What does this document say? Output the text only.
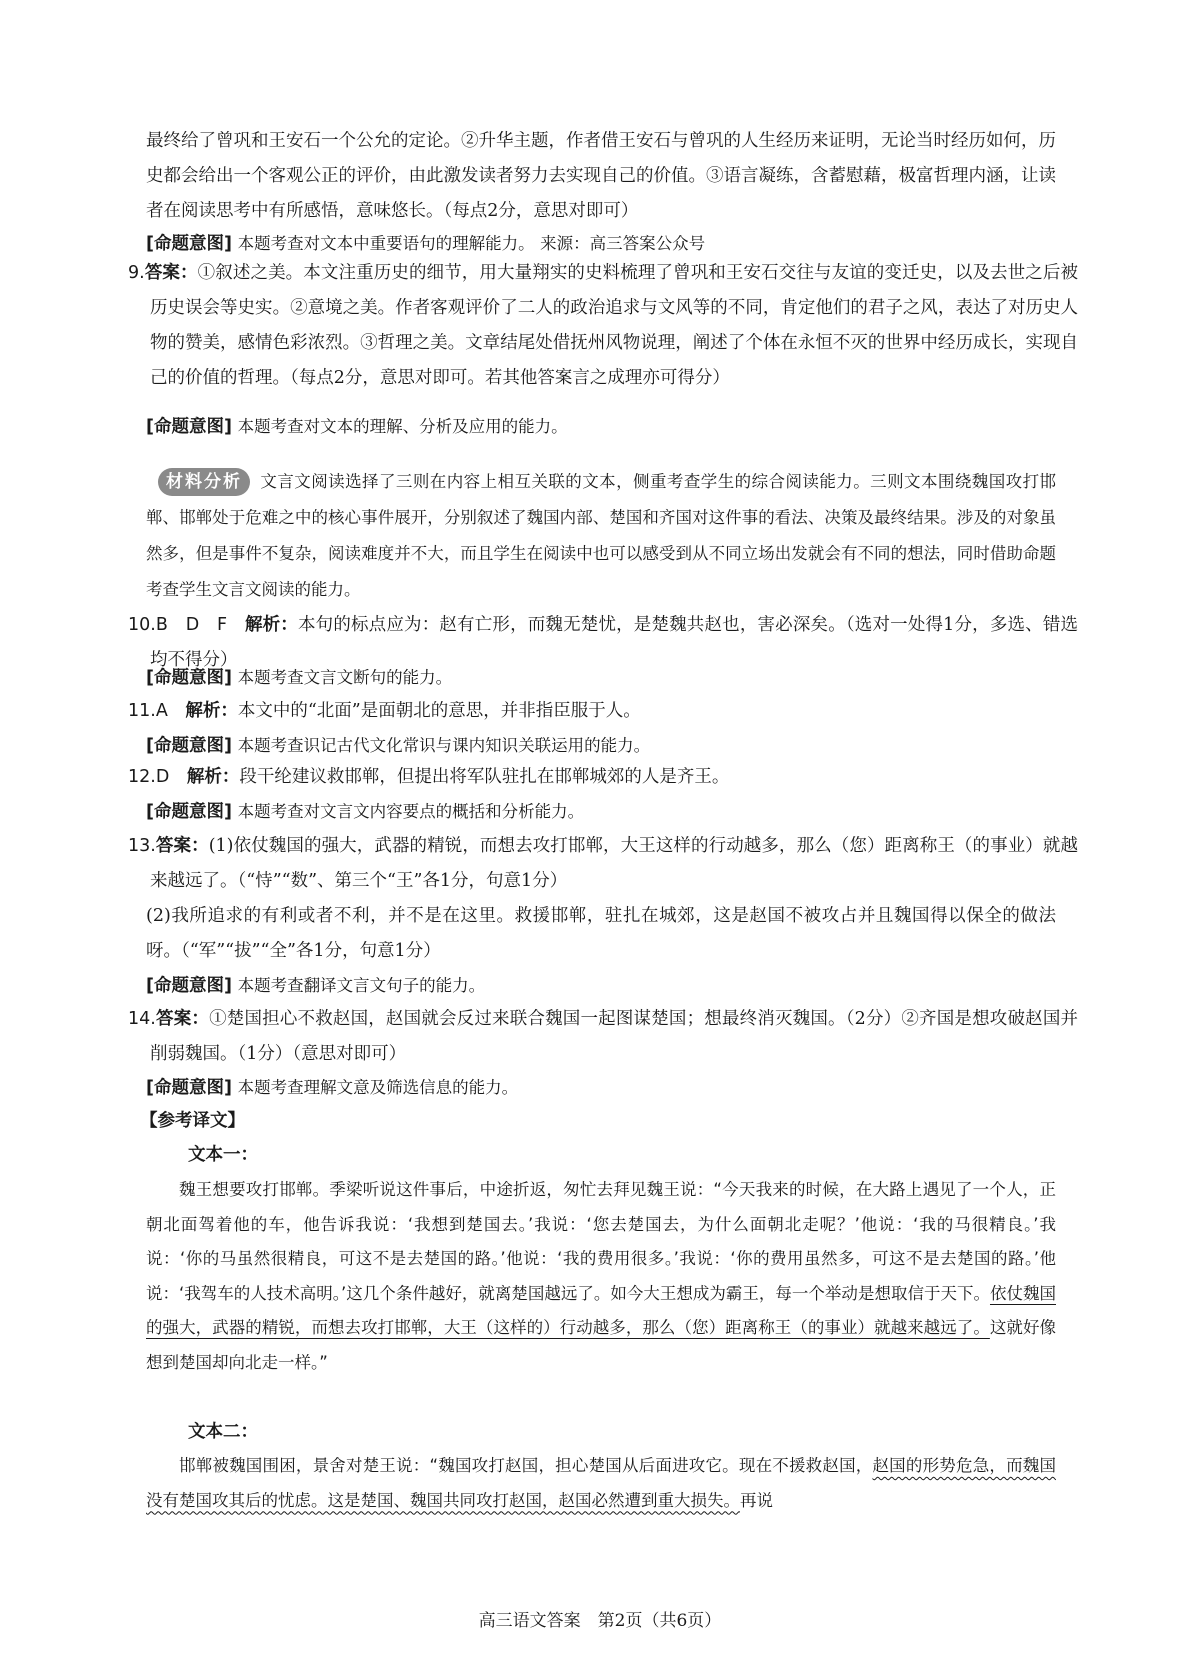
最终给了曾巩和王安石一个公允的定论。②升华主题，作者借王安石与曾巩的人生经历来证明，无论当时经历如何，历史都会给出一个客观公正的评价，由此激发读者努力去实现自己的价值。③语言凝练，含蓄慰藉，极富哲理内涵，让读者在阅读思考中有所感悟，意味悠长。（每点2分，意思对即可）

[命题意图] 本题考查对文本中重要语句的理解能力。 来源：高三答案公众号

9.答案：①叙述之美。本文注重历史的细节，用大量翔实的史料梳理了曾巩和王安石交往与友谊的变迁史，以及去世之后被历史误会等史实。②意境之美。作者客观评价了二人的政治追求与文风等的不同，肯定他们的君子之风，表达了对历史人物的赞美，感情色彩浓烈。③哲理之美。文章结尾处借抚州风物说理，阐述了个体在永恒不灭的世界中经历成长，实现自己的价值的哲理。（每点2分，意思对即可。若其他答案言之成理亦可得分）

[命题意图] 本题考查对文本的理解、分析及应用的能力。

材料分析 文言文阅读选择了三则在内容上相互关联的文本，侧重考查学生的综合阅读能力。三则文本围绕魏国攻打邯郸、邯郸处于危难之中的核心事件展开，分别叙述了魏国内部、楚国和齐国对这件事的看法、决策及最终结果。涉及的对象虽然多，但是事件不复杂，阅读难度并不大，而且学生在阅读中也可以感受到从不同立场出发就会有不同的想法，同时借助命题考查学生文言文阅读的能力。

10.B　D　F　 解析：本句的标点应为：赵有亡形，而魏无楚忧，是楚魏共赵也，害必深矣。（选对一处得1分，多选、错选均不得分）

[命题意图] 本题考查文言文断句的能力。

11.A　 解析：本文中的“北面”是面朝北的意思，并非指臣服于人。

[命题意图] 本题考查识记古代文化常识与课内知识关联运用的能力。

12.D　 解析：段干纶建议救邯郸，但提出将军队驻扎在邯郸城郊的人是齐王。

[命题意图] 本题考查对文言文内容要点的概括和分析能力。

13.答案：(1)依仗魏国的强大，武器的精锐，而想去攻打邯郸，大王这样的行动越多，那么（您）距离称王（的事业）就越来越远了。（“恃”“数”、第三个“王”各1分，句意1分）

(2)我所追求的有利或者不利，并不是在这里。救援邯郸，驻扎在城郊，这是赵国不被攻占并且魏国得以保全的做法呀。（“军”“拔”“全”各1分，句意1分）

[命题意图] 本题考查翻译文言文句子的能力。

14.答案：①楚国担心不救赵国，赵国就会反过来联合魏国一起图谋楚国；想最终消灭魏国。（2分）②齐国是想攻破赵国并削弱魏国。（1分）（意思对即可）

[命题意图] 本题考查理解文意及筛选信息的能力。

【参考译文】

文本一：

魏王想要攻打邯郸。季梁听说这件事后，中途折返，匆忙去拜见魏王说：“今天我来的时候，在大路上遇见了一个人，正朝北面驾着他的车，他告诉我说：‘我想到楚国去。’我说：‘您去楚国去，为什么面朝北走呢？’他说：‘我的马很精良。’我说：‘你的马虽然很精良，可这不是去楚国的路。’他说：‘我的费用很多。’我说：‘你的费用虽然多，可这不是去楚国的路。’他说：‘我驾车的人技术高明。’这几个条件越好，就离楚国越远了。如今大王想成为霸王，每一个举动是想取信于天下。依仗魏国的强大，武器的精锐，而想去攻打邯郸，大王（这样的）行动越多，那么（您）距离称王（的事业）就越来越远了。这就好像想到楚国却向北走一样。”

文本二：

邯郸被魏国围困，景舍对楚王说：“魏国攻打赵国，担心楚国从后面进攻它。现在不援救赵国，赵国的形势危急，而魏国没有楚国攻其后的忧虑。这是楚国、魏国共同攻打赵国，赵国必然遭到重大损失。再说

高三语文答案　第2页（共6页）
